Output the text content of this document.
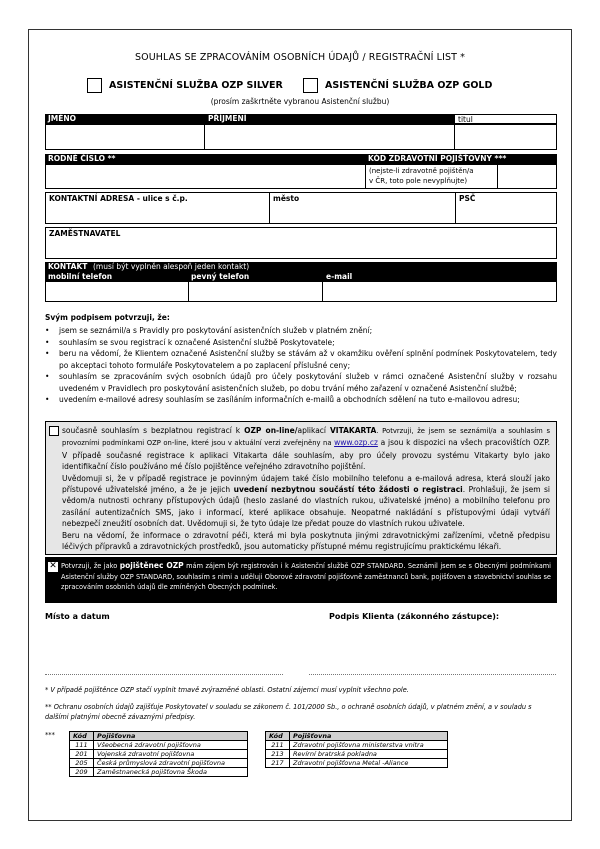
SOUHLAS SE ZPRACOVÁNÍM OSOBNÍCH ÚDAJŮ / REGISTRAČNÍ LIST *
ASISTENČNÍ SLUŽBA OZP SILVER	ASISTENČNÍ SLUŽBA OZP GOLD
(prosím zaškrtněte vybranou Asistenční službu)
JMÉNO	PŘÍJMENÍ	titul
RODNÉ ČÍSLO **	KÓD ZDRAVOTNÍ POJIŠŤOVNY ***
(nejste-li zdravotně pojištěn/a
v ČR, toto pole nevyplňujte)
KONTAKTNÍ ADRESA - ulice s č.p.	město	PSČ
ZAMĚSTNAVATEL
KONTAKT (musí být vyplněn alespoň jeden kontakt)
mobilní telefon	pevný telefon	e-mail
Svým podpisem potvrzuji, že:
• jsem se seznámil/a s Pravidly pro poskytování asistenčních služeb v platném znění;
• souhlasím se svou registrací k označené Asistenční službě Poskytovatele;
• beru na vědomí, že Klientem označené Asistenční služby se stávám až v okamžiku ověření splnění podmínek Poskytovatelem, tedy po akceptaci tohoto formuláře Poskytovatelem a po zaplacení příslušné ceny;
• souhlasím se zpracováním svých osobních údajů pro účely poskytování služeb v rámci označené Asistenční služby v rozsahu uvedeném v Pravidlech pro poskytování asistenčních služeb, po dobu trvání mého zařazení v označené Asistenční službě;
• uvedením e-mailové adresy souhlasím se zasíláním informačních e-mailů a obchodních sdělení na tuto e-mailovou adresu;
současně souhlasím s bezplatnou registrací k OZP on-line/aplikací VITAKARTA. Potvrzuji, že jsem se seznámil/a a souhlasím s provozními podmínkami OZP on-line, které jsou v aktuální verzi zveřejněny na www.ozp.cz a jsou k dispozici na všech pracovištích OZP. V případě současné registrace k aplikaci Vitakarta dále souhlasím, aby pro účely provozu systému Vitakarty bylo jako identifikační číslo používáno mé číslo pojištěnce veřejného zdravotního pojištění.
Uvědomuji si, že v případě registrace je povinným údajem také číslo mobilního telefonu a e-mailová adresa, která slouží jako přístupové uživatelské jméno, a že je jejich uvedení nezbytnou součástí této žádosti o registraci. Prohlašuji, že jsem si vědom/a nutnosti ochrany přístupových údajů (heslo zaslané do vlastních rukou, uživatelské jméno) a mobilního telefonu pro zasílání autentizačních SMS, jako i informací, které aplikace obsahuje. Neopatrné nakládání s přístupovými údaji vytváří nebezpečí zneužití osobních dat. Uvědomuji si, že tyto údaje lze předat pouze do vlastních rukou uživatele.
Beru na vědomí, že informace o zdravotní péči, která mi byla poskytnuta jinými zdravotnickými zařízeními, včetně předpisu léčivých přípravků a zdravotnických prostředků, jsou automaticky přístupné mému registrujícímu praktickému lékaři.
✕ Potvrzuji, že jako pojištěnec OZP mám zájem být registrován i k Asistenční službě OZP STANDARD. Seznámil jsem se s Obecnými podmínkami Asistenční služby OZP STANDARD, souhlasím s nimi a uděluji Oborové zdravotní pojišťovně zaměstnanců bank, pojišťoven a stavebnictví souhlas se zpracováním osobních údajů dle zmíněných Obecných podmínek.
Místo a datum	Podpis Klienta (zákonného zástupce):
* V případě pojištěnce OZP stačí vyplnit tmavě zvýrazněné oblasti. Ostatní zájemci musí vyplnit všechno pole.
** Ochranu osobních údajů zajišťuje Poskytovatel v souladu se zákonem č. 101/2000 Sb., o ochraně osobních údajů, v platném znění, a v souladu s dalšími platnými obecně závaznými předpisy.
***	Kód	Pojišťovna
111	Všeobecná zdravotní pojišťovna
201	Vojenská zdravotní pojišťovna
205	Česká průmyslová zdravotní pojišťovna
209	Zaměstnanecká pojišťovna Škoda
Kód	Pojišťovna
211	Zdravotní pojišťovna ministerstva vnitra
213	Revírní bratrská pokladna
217	Zdravotní pojišťovna Metal -Aliance
